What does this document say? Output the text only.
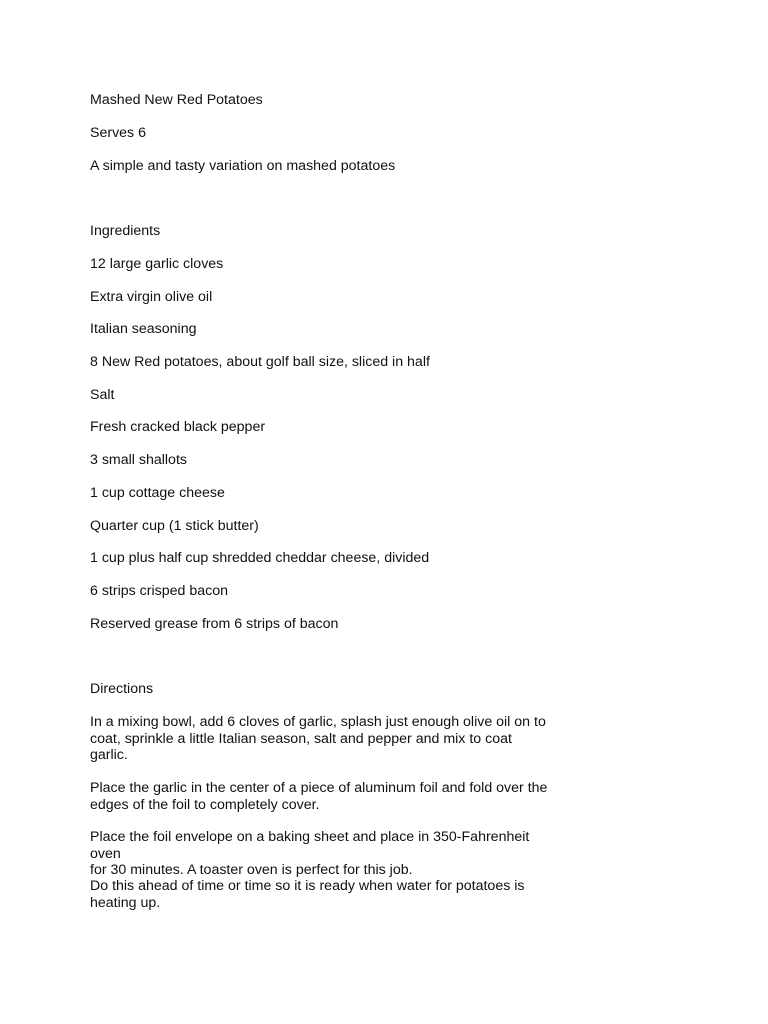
Mashed New Red Potatoes
Serves 6
A simple and tasty variation on mashed potatoes
Ingredients
12 large garlic cloves
Extra virgin olive oil
Italian seasoning
8 New Red potatoes, about golf ball size, sliced in half
Salt
Fresh cracked black pepper
3 small shallots
1 cup cottage cheese
Quarter cup (1 stick butter)
1 cup plus half cup shredded cheddar cheese, divided
6 strips crisped bacon
Reserved grease from 6 strips of bacon
Directions
In a mixing bowl, add 6 cloves of garlic, splash just enough olive oil on to
coat, sprinkle a little Italian season, salt and pepper and mix to coat
garlic.
Place the garlic in the center of a piece of aluminum foil and fold over the
edges of the foil to completely cover.
Place the foil envelope on a baking sheet and place in 350-Fahrenheit oven
for 30 minutes. A toaster oven is perfect for this job.
Do this ahead of time or time so it is ready when water for potatoes is
heating up.
